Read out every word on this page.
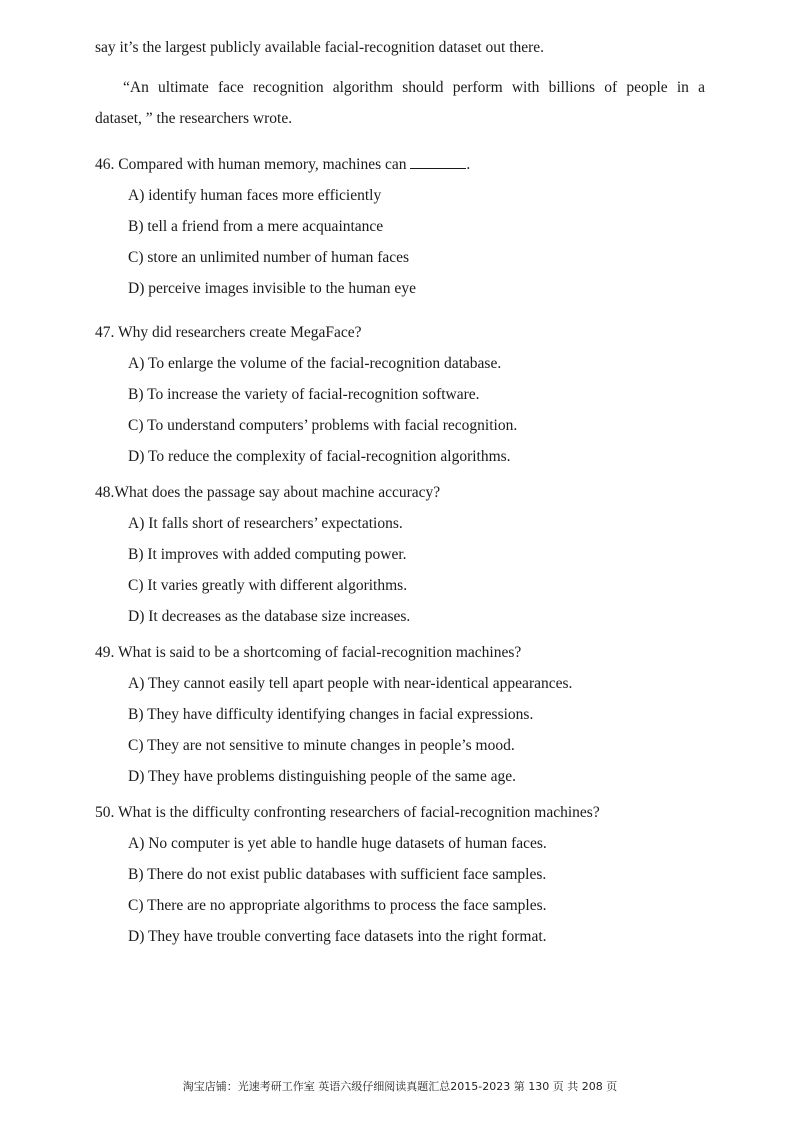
say it’s the largest publicly available facial-recognition dataset out there.
“An ultimate face recognition algorithm should perform with billions of people in a
dataset, ” the researchers wrote.
46. Compared with human memory, machines can	.
A) identify human faces more efficiently
B) tell a friend from a mere acquaintance
C) store an unlimited number of human faces
D) perceive images invisible to the human eye
47. Why did researchers create MegaFace?
A) To enlarge the volume of the facial-recognition database.
B) To increase the variety of facial-recognition software.
C) To understand computers’ problems with facial recognition.
D) To reduce the complexity of facial-recognition algorithms.
48.What does the passage say about machine accuracy?
A) It falls short of researchers’ expectations.
B) It improves with added computing power.
C) It varies greatly with different algorithms.
D) It decreases as the database size increases.
49. What is said to be a shortcoming of facial-recognition machines?
A) They cannot easily tell apart people with near-identical appearances.
B) They have difficulty identifying changes in facial expressions.
C) They are not sensitive to minute changes in people’s mood.
D) They have problems distinguishing people of the same age.
50. What is the difficulty confronting researchers of facial-recognition machines?
A) No computer is yet able to handle huge datasets of human faces.
B) There do not exist public databases with sufficient face samples.
C) There are no appropriate algorithms to process the face samples.
D) They have trouble converting face datasets into the right format.
淘宝店铺：光速考研工作室 英语六级仔细阅读真题汇总2015-2023 第 130 页 共 208 页
